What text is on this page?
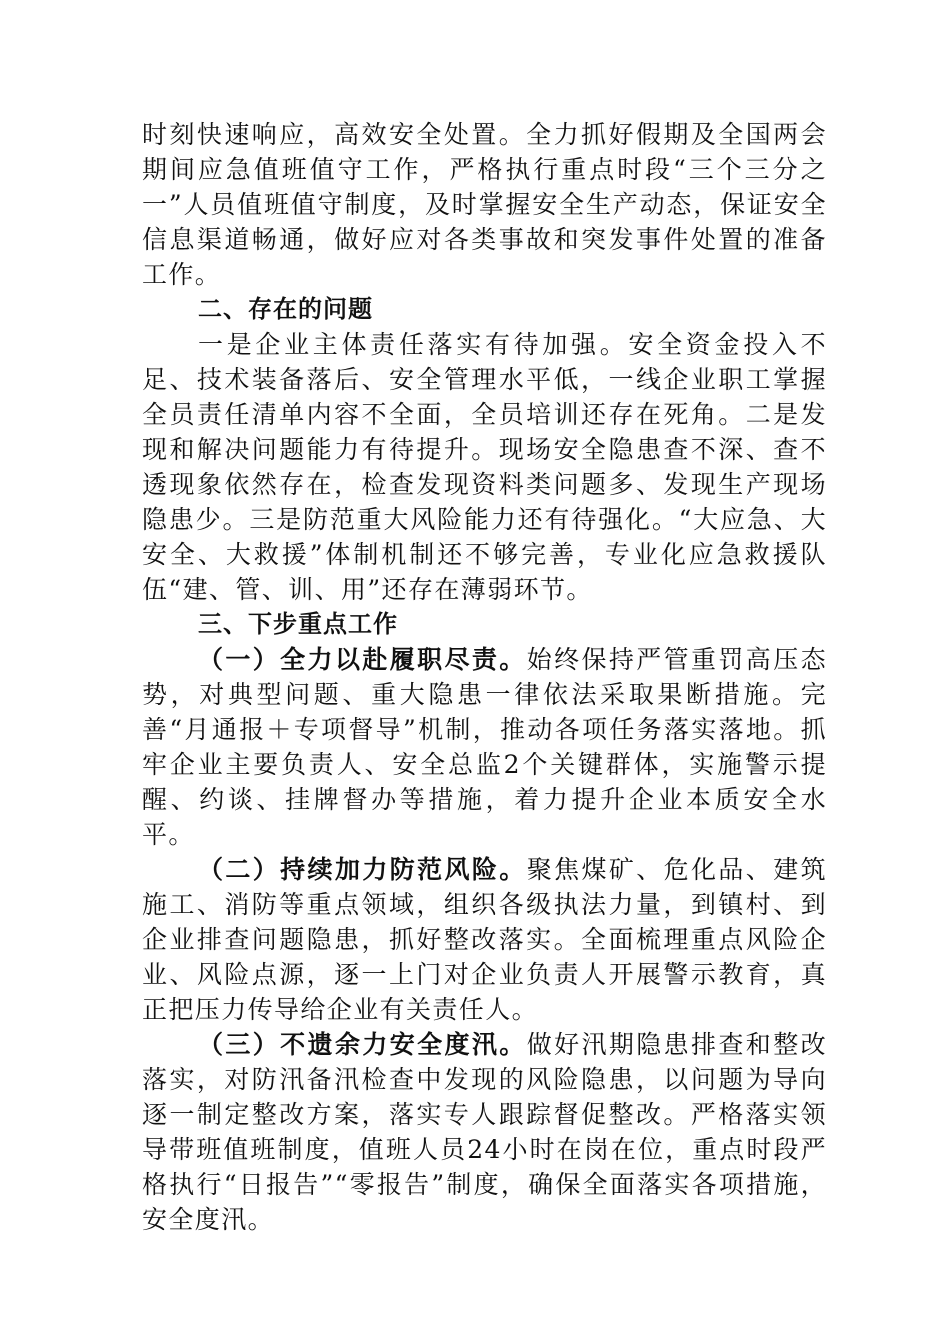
时刻快速响应，高效安全处置。全力抓好假期及全国两会期间应急值班值守工作，严格执行重点时段“三个三分之一”人员值班值守制度，及时掌握安全生产动态，保证安全信息渠道畅通，做好应对各类事故和突发事件处置的准备工作。

二、存在的问题

一是企业主体责任落实有待加强。安全资金投入不足、技术装备落后、安全管理水平低，一线企业职工掌握全员责任清单内容不全面，全员培训还存在死角。二是发现和解决问题能力有待提升。现场安全隐患查不深、查不透现象依然存在，检查发现资料类问题多、发现生产现场隐患少。三是防范重大风险能力还有待强化。“大应急、大安全、大救援”体制机制还不够完善，专业化应急救援队伍“建、管、训、用”还存在薄弱环节。

三、下步重点工作

（一）全力以赴履职尽责。始终保持严管重罚高压态势，对典型问题、重大隐患一律依法采取果断措施。完善“月通报＋专项督导”机制，推动各项任务落实落地。抓牢企业主要负责人、安全总监2个关键群体，实施警示提醒、约谈、挂牌督办等措施，着力提升企业本质安全水平。

（二）持续加力防范风险。聚焦煤矿、危化品、建筑施工、消防等重点领域，组织各级执法力量，到镇村、到企业排查问题隐患，抓好整改落实。全面梳理重点风险企业、风险点源，逐一上门对企业负责人开展警示教育，真正把压力传导给企业有关责任人。

（三）不遗余力安全度汛。做好汛期隐患排查和整改落实，对防汛备汛检查中发现的风险隐患，以问题为导向逐一制定整改方案，落实专人跟踪督促整改。严格落实领导带班值班制度，值班人员24小时在岗在位，重点时段严格执行“日报告”“零报告”制度，确保全面落实各项措施，安全度汛。
